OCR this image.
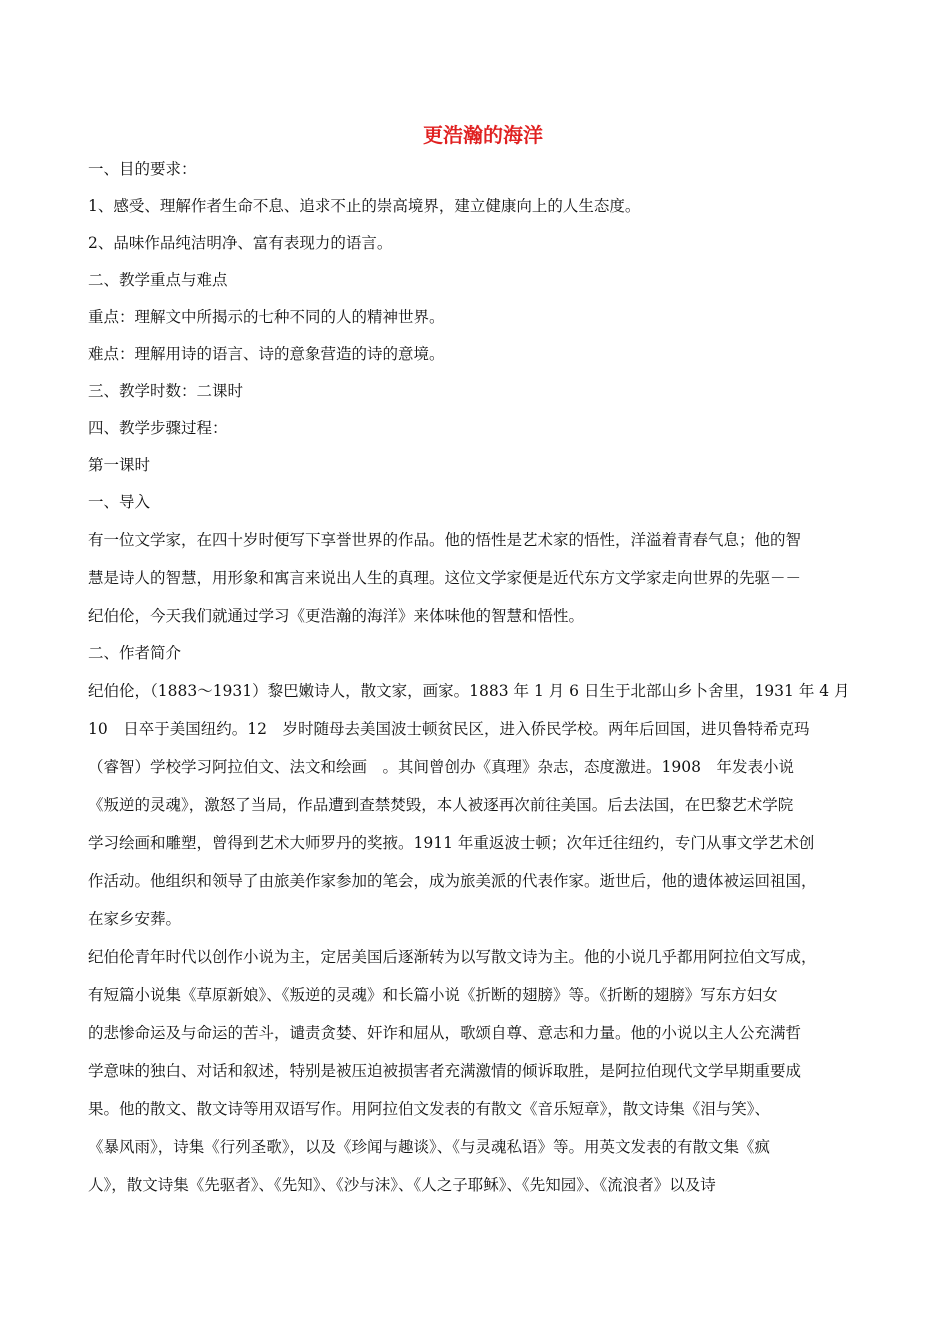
更浩瀚的海洋

一、目的要求：

1、感受、理解作者生命不息、追求不止的崇高境界，建立健康向上的人生态度。

2、品味作品纯洁明净、富有表现力的语言。

二、教学重点与难点

重点：理解文中所揭示的七种不同的人的精神世界。

难点：理解用诗的语言、诗的意象营造的诗的意境。

三、教学时数：二课时

四、教学步骤过程：

第一课时

一、导入

有一位文学家，在四十岁时便写下享誉世界的作品。他的悟性是艺术家的悟性，洋溢着青春气息；他的智
慧是诗人的智慧，用形象和寓言来说出人生的真理。这位文学家便是近代东方文学家走向世界的先驱－－
纪伯伦，今天我们就通过学习《更浩瀚的海洋》来体味他的智慧和悟性。

二、作者简介

纪伯伦，（1883～1931）黎巴嫩诗人，散文家，画家。1883 年 1 月 6 日生于北部山乡卜舍里，1931 年 4 月
10　日卒于美国纽约。12　岁时随母去美国波士顿贫民区，进入侨民学校。两年后回国，进贝鲁特希克玛
（睿智）学校学习阿拉伯文、法文和绘画　。其间曾创办《真理》杂志，态度激进。1908　年发表小说
《叛逆的灵魂》，激怒了当局，作品遭到查禁焚毁，本人被逐再次前往美国。后去法国，在巴黎艺术学院
学习绘画和雕塑，曾得到艺术大师罗丹的奖掖。1911 年重返波士顿；次年迁往纽约，专门从事文学艺术创
作活动。他组织和领导了由旅美作家参加的笔会，成为旅美派的代表作家。逝世后，他的遗体被运回祖国，
在家乡安葬。
纪伯伦青年时代以创作小说为主，定居美国后逐渐转为以写散文诗为主。他的小说几乎都用阿拉伯文写成，
有短篇小说集《草原新娘》、《叛逆的灵魂》和长篇小说《折断的翅膀》等。《折断的翅膀》写东方妇女
的悲惨命运及与命运的苦斗，谴责贪婪、奸诈和屈从，歌颂自尊、意志和力量。他的小说以主人公充满哲
学意味的独白、对话和叙述，特别是被压迫被损害者充满激情的倾诉取胜，是阿拉伯现代文学早期重要成
果。他的散文、散文诗等用双语写作。用阿拉伯文发表的有散文《音乐短章》，散文诗集《泪与笑》、
《暴风雨》，诗集《行列圣歌》，以及《珍闻与趣谈》、《与灵魂私语》等。用英文发表的有散文集《疯
人》，散文诗集《先驱者》、《先知》、《沙与沫》、《人之子耶稣》、《先知园》、《流浪者》以及诗
